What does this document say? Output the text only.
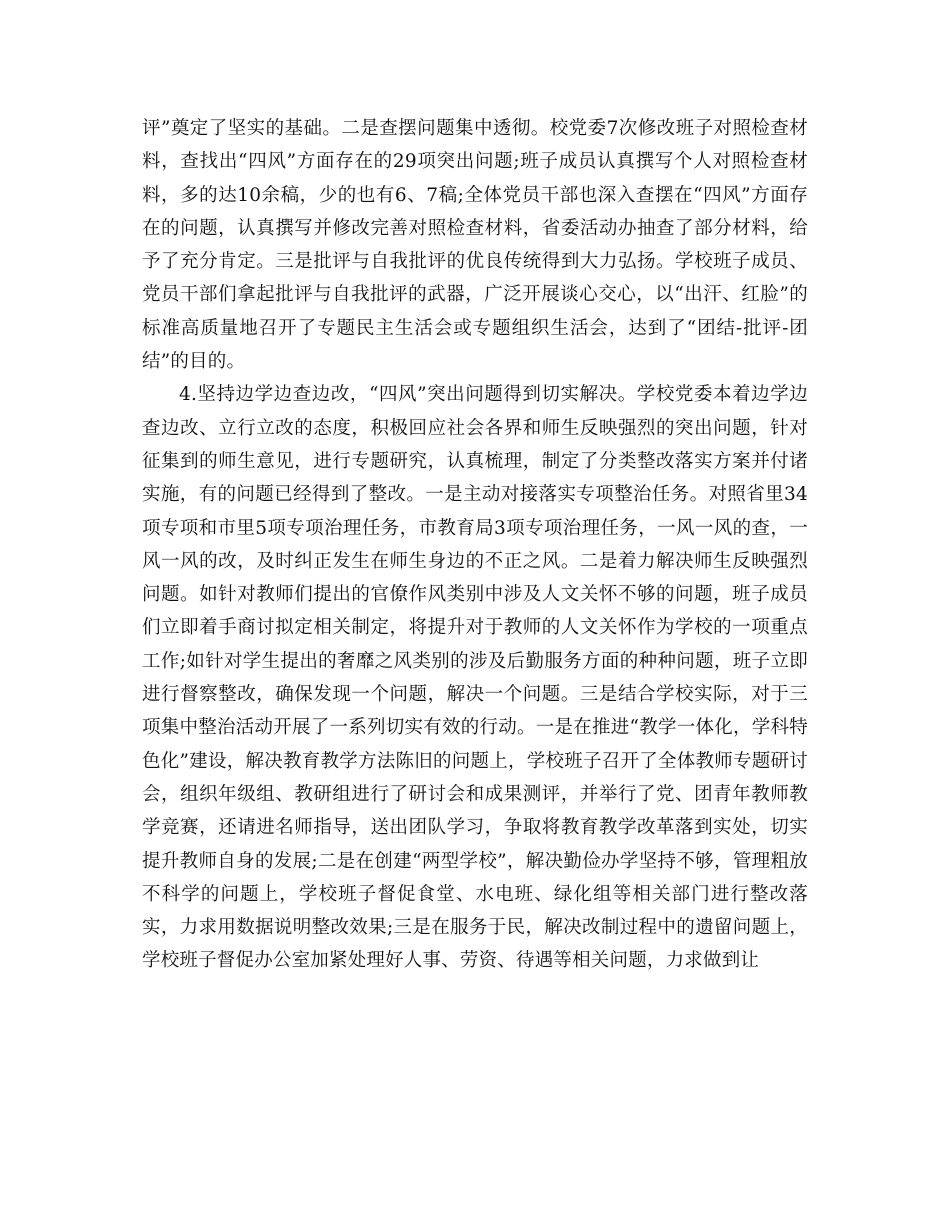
评”奠定了坚实的基础。二是查摆问题集中透彻。校党委7次修改班子对照检查材料，查找出“四风”方面存在的29项突出问题;班子成员认真撰写个人对照检查材料，多的达10余稿，少的也有6、7稿;全体党员干部也深入查摆在“四风”方面存在的问题，认真撰写并修改完善对照检查材料，省委活动办抽查了部分材料，给予了充分肯定。三是批评与自我批评的优良传统得到大力弘扬。学校班子成员、党员干部们拿起批评与自我批评的武器，广泛开展谈心交心，以“出汗、红脸”的标准高质量地召开了专题民主生活会或专题组织生活会，达到了“团结-批评-团结”的目的。

4.坚持边学边查边改，“四风”突出问题得到切实解决。学校党委本着边学边查边改、立行立改的态度，积极回应社会各界和师生反映强烈的突出问题，针对征集到的师生意见，进行专题研究，认真梳理，制定了分类整改落实方案并付诸实施，有的问题已经得到了整改。一是主动对接落实专项整治任务。对照省里34项专项和市里5项专项治理任务，市教育局3项专项治理任务，一风一风的查，一风一风的改，及时纠正发生在师生身边的不正之风。二是着力解决师生反映强烈问题。如针对教师们提出的官僚作风类别中涉及人文关怀不够的问题，班子成员们立即着手商讨拟定相关制定，将提升对于教师的人文关怀作为学校的一项重点工作;如针对学生提出的奢靡之风类别的涉及后勤服务方面的种种问题，班子立即进行督察整改，确保发现一个问题，解决一个问题。三是结合学校实际，对于三项集中整治活动开展了一系列切实有效的行动。一是在推进“教学一体化，学科特色化”建设，解决教育教学方法陈旧的问题上，学校班子召开了全体教师专题研讨会，组织年级组、教研组进行了研讨会和成果测评，并举行了党、团青年教师教学竞赛，还请进名师指导，送出团队学习，争取将教育教学改革落到实处，切实提升教师自身的发展;二是在创建“两型学校”，解决勤俭办学坚持不够，管理粗放不科学的问题上，学校班子督促食堂、水电班、绿化组等相关部门进行整改落实，力求用数据说明整改效果;三是在服务于民，解决改制过程中的遗留问题上，学校班子督促办公室加紧处理好人事、劳资、待遇等相关问题，力求做到让
